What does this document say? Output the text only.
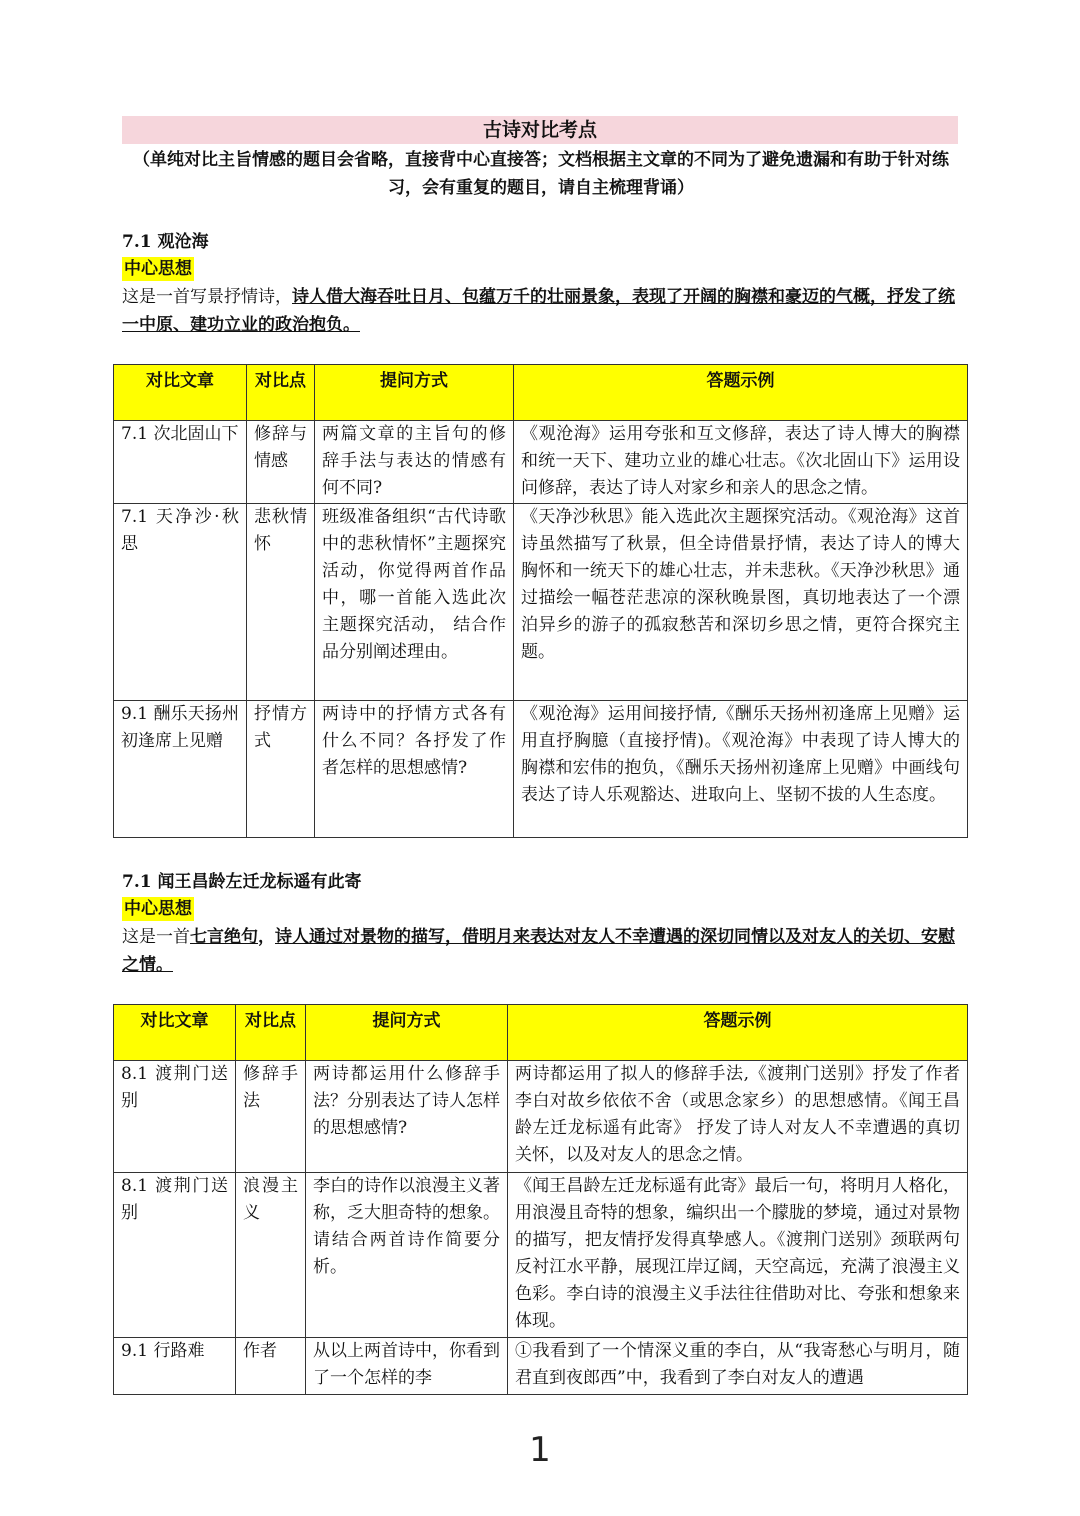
古诗对比考点
（单纯对比主旨情感的题目会省略，直接背中心直接答；文档根据主文章的不同为了避免遗漏和有助于针对练习，会有重复的题目，请自主梳理背诵）
7.1 观沧海
中心思想
这是一首写景抒情诗，诗人借大海吞吐日月、包蕴万千的壮丽景象，表现了开阔的胸襟和豪迈的气概，抒发了统一中原、建功立业的政治抱负。
对比文章	对比点	提问方式	答题示例
7.1 次北固山下	修辞与情感	两篇文章的主旨句的修辞手法与表达的情感有何不同?	《观沧海》运用夸张和互文修辞，表达了诗人博大的胸襟和统一天下、建功立业的雄心壮志。《次北固山下》运用设问修辞，表达了诗人对家乡和亲人的思念之情。
7.1 天净沙·秋思	悲秋情怀	班级准备组织“古代诗歌中的悲秋情怀”主题探究活动，你觉得两首作品中，哪一首能入选此次主题探究活动， 结合作品分别阐述理由。	《天净沙秋思》能入选此次主题探究活动。《观沧海》这首诗虽然描写了秋景，但全诗借景抒情，表达了诗人的博大胸怀和一统天下的雄心壮志，并未悲秋。《天净沙秋思》通过描绘一幅苍茫悲凉的深秋晚景图，真切地表达了一个漂泊异乡的游子的孤寂愁苦和深切乡思之情，更符合探究主题。
9.1 酬乐天扬州初逢席上见赠	抒情方式	两诗中的抒情方式各有什么不同？各抒发了作者怎样的思想感情?	《观沧海》运用间接抒情,《酬乐天扬州初逢席上见赠》运用直抒胸臆（直接抒情)。《观沧海》中表现了诗人博大的胸襟和宏伟的抱负，《酬乐天扬州初逢席上见赠》中画线句表达了诗人乐观豁达、进取向上、坚韧不拔的人生态度。
7.1 闻王昌龄左迁龙标遥有此寄
中心思想
这是一首七言绝句，诗人通过对景物的描写，借明月来表达对友人不幸遭遇的深切同情以及对友人的关切、安慰之情。
对比文章	对比点	提问方式	答题示例
8.1 渡荆门送别	修辞手法	两诗都运用什么修辞手法？分别表达了诗人怎样的思想感情?	两诗都运用了拟人的修辞手法,《渡荆门送别》抒发了作者李白对故乡依依不舍（或思念家乡）的思想感情。《闻王昌龄左迁龙标遥有此寄》 抒发了诗人对友人不幸遭遇的真切关怀，以及对友人的思念之情。
8.1 渡荆门送别	浪漫主义	李白的诗作以浪漫主义著称，乏大胆奇特的想象。请结合两首诗作简要分析。	《闻王昌龄左迁龙标遥有此寄》最后一句，将明月人格化，用浪漫且奇特的想象，编织出一个朦胧的梦境，通过对景物的描写，把友情抒发得真挚感人。《渡荆门送别》颈联两句反衬江水平静，展现江岸辽阔，天空高远，充满了浪漫主义色彩。李白诗的浪漫主义手法往往借助对比、夸张和想象来体现。
9.1 行路难	作者	从以上两首诗中，你看到了一个怎样的李	①我看到了一个情深义重的李白，从“我寄愁心与明月，随君直到夜郎西”中，我看到了李白对友人的遭遇
1
